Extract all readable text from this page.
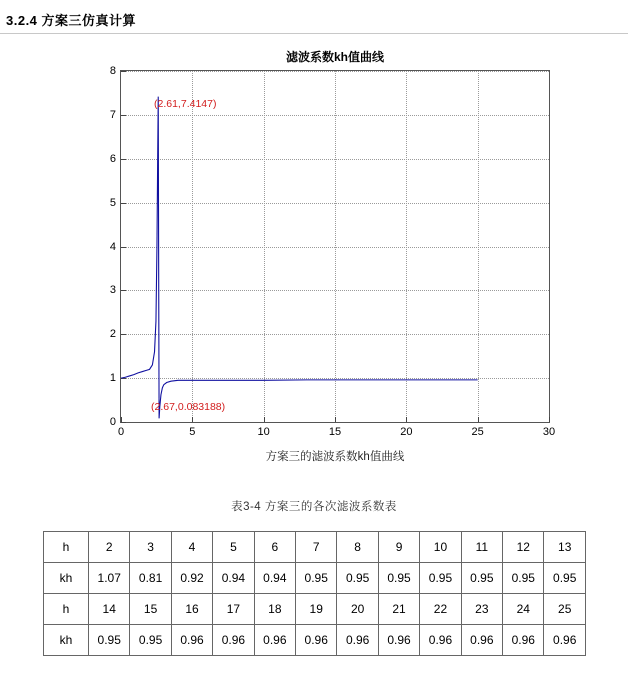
3.2.4 方案三仿真计算
滤波系数kh值曲线
8
7
6
5
4
3
2
1
0
0	5	10	15	20	25	30
(2.61,7.4147)
(2.67,0.083188)
方案三的滤波系数kh值曲线
表3-4 方案三的各次滤波系数表
h	2	3	4	5	6	7	8	9	10	11	12	13
kh	1.07	0.81	0.92	0.94	0.94	0.95	0.95	0.95	0.95	0.95	0.95	0.95
h	14	15	16	17	18	19	20	21	22	23	24	25
kh	0.95	0.95	0.96	0.96	0.96	0.96	0.96	0.96	0.96	0.96	0.96	0.96
